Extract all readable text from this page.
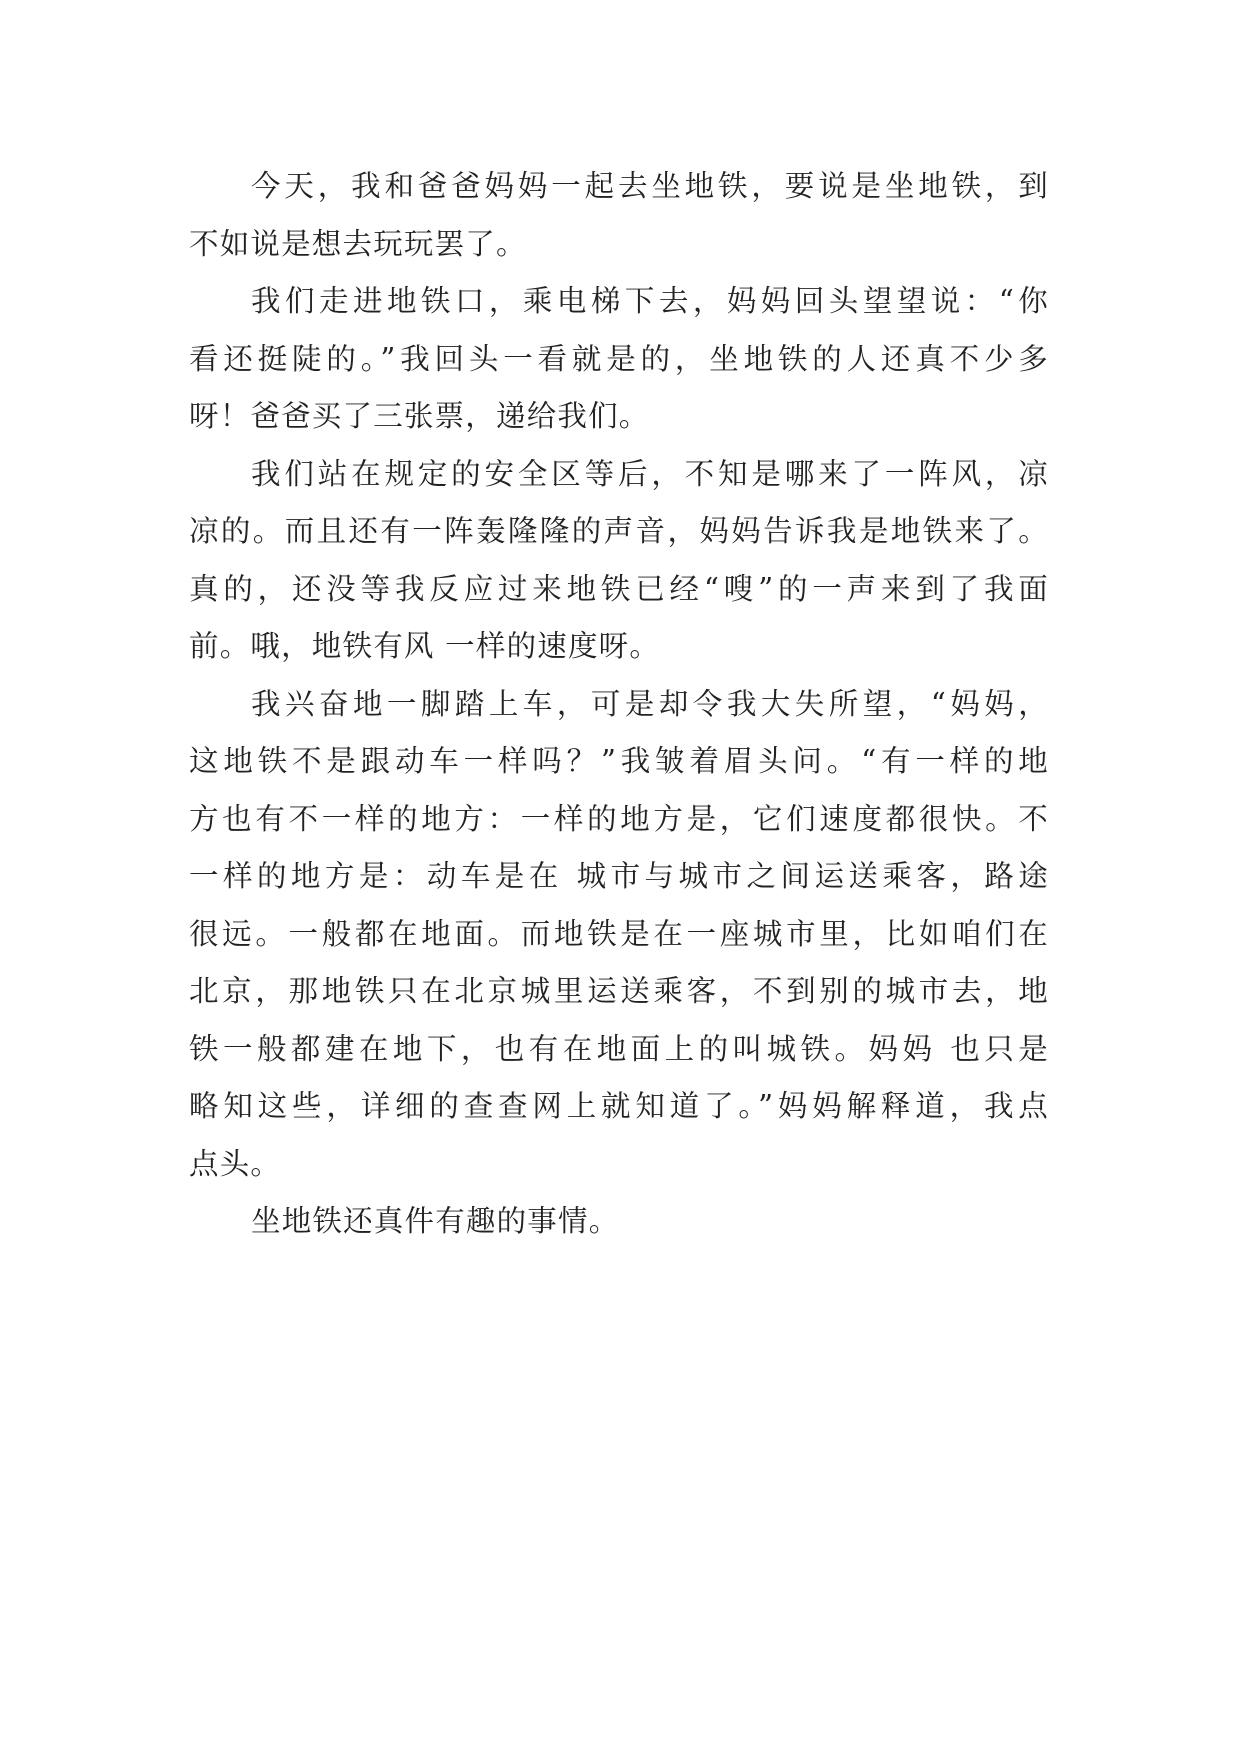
今天，我和爸爸妈妈一起去坐地铁，要说是坐地铁，到
不如说是想去玩玩罢了。

我们走进地铁口，乘电梯下去，妈妈回头望望说：“你
看还挺陡的。”我回头一看就是的，坐地铁的人还真不少多
呀！爸爸买了三张票，递给我们。

我们站在规定的安全区等后，不知是哪来了一阵风，凉
凉的。而且还有一阵轰隆隆的声音，妈妈告诉我是地铁来了。
真的，还没等我反应过来地铁已经“嗖”的一声来到了我面
前。哦，地铁有风 一样的速度呀。

我兴奋地一脚踏上车，可是却令我大失所望，“妈妈，
这地铁不是跟动车一样吗？”我皱着眉头问。“有一样的地
方也有不一样的地方：一样的地方是，它们速度都很快。不
一样的地方是：动车是在 城市与城市之间运送乘客，路途
很远。一般都在地面。而地铁是在一座城市里，比如咱们在
北京，那地铁只在北京城里运送乘客，不到别的城市去，地
铁一般都建在地下，也有在地面上的叫城铁。妈妈 也只是
略知这些，详细的查查网上就知道了。”妈妈解释道，我点
点头。

坐地铁还真件有趣的事情。
